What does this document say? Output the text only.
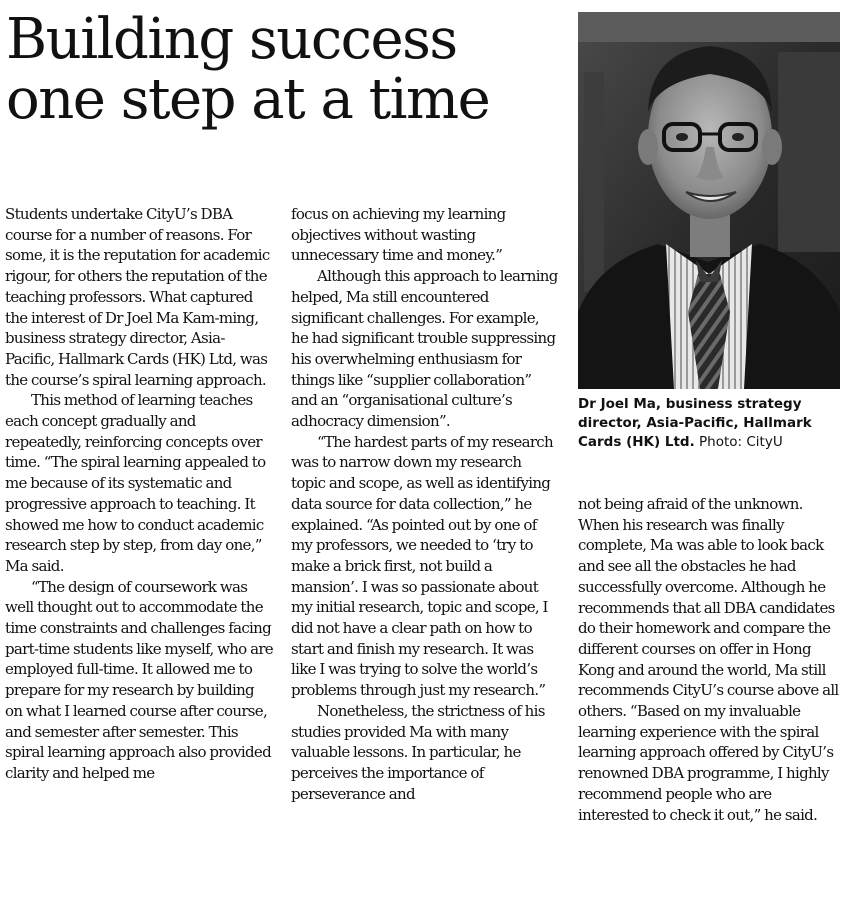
Building success
one step at a time
Dr Joel Ma, business strategy director, Asia-Pacific, Hallmark Cards (HK) Ltd. Photo: CityU

Students undertake CityU’s DBA course for a number of reasons. For some, it is the reputation for academic rigour, for others the reputation of the teaching professors. What captured the interest of Dr Joel Ma Kam-ming, business strategy director, Asia-Pacific, Hallmark Cards (HK) Ltd, was the course’s spiral learning approach.

This method of learning teaches each concept gradually and repeatedly, reinforcing concepts over time. “The spiral learning appealed to me because of its systematic and progressive approach to teaching. It showed me how to conduct academic research step by step, from day one,” Ma said.

“The design of coursework was well thought out to accommodate the time constraints and challenges facing part-time students like myself, who are employed full-time. It allowed me to prepare for my research by building on what I learned course after course, and semester after semester. This spiral learning approach also provided clarity and helped me

focus on achieving my learning objectives without wasting unnecessary time and money.”

Although this approach to learning helped, Ma still encountered significant challenges. For example, he had significant trouble suppressing his overwhelming enthusiasm for things like “supplier collaboration” and an “organisational culture’s adhocracy dimension”.

“The hardest parts of my research was to narrow down my research topic and scope, as well as identifying data source for data collection,” he explained. “As pointed out by one of my professors, we needed to ‘try to make a brick first, not build a mansion’. I was so passionate about my initial research, topic and scope, I did not have a clear path on how to start and finish my research. It was like I was trying to solve the world’s problems through just my research.”

Nonetheless, the strictness of his studies provided Ma with many valuable lessons. In particular, he perceives the importance of perseverance and

not being afraid of the unknown. When his research was finally complete, Ma was able to look back and see all the obstacles he had successfully overcome. Although he recommends that all DBA candidates do their homework and compare the different courses on offer in Hong Kong and around the world, Ma still recommends CityU’s course above all others. “Based on my invaluable learning experience with the spiral learning approach offered by CityU’s renowned DBA programme, I highly recommend people who are interested to check it out,” he said.
